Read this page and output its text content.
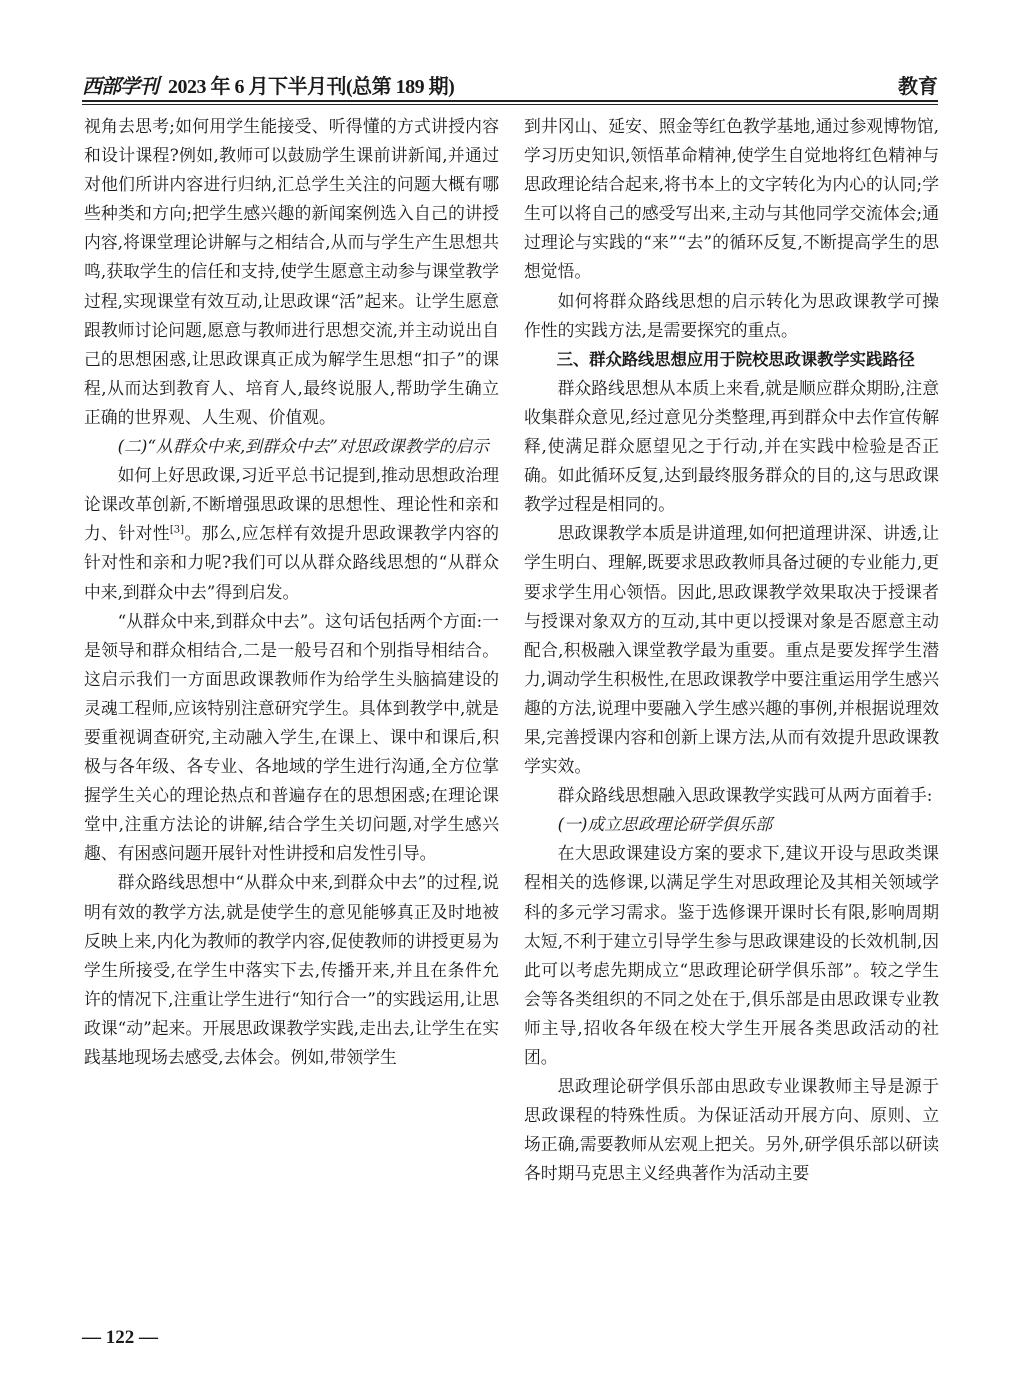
西部学刊 2023 年 6 月下半月刊(总第 189 期)	教育

视角去思考;如何用学生能接受、听得懂的方式讲授内容和设计课程?例如,教师可以鼓励学生课前讲新闻,并通过对他们所讲内容进行归纳,汇总学生关注的问题大概有哪些种类和方向;把学生感兴趣的新闻案例选入自己的讲授内容,将课堂理论讲解与之相结合,从而与学生产生思想共鸣,获取学生的信任和支持,使学生愿意主动参与课堂教学过程,实现课堂有效互动,让思政课“活”起来。让学生愿意跟教师讨论问题,愿意与教师进行思想交流,并主动说出自己的思想困惑,让思政课真正成为解学生思想“扣子”的课程,从而达到教育人、培育人,最终说服人,帮助学生确立正确的世界观、人生观、价值观。

(二)“从群众中来,到群众中去”对思政课教学的启示

如何上好思政课,习近平总书记提到,推动思想政治理论课改革创新,不断增强思政课的思想性、理论性和亲和力、针对性[3]。那么,应怎样有效提升思政课教学内容的针对性和亲和力呢?我们可以从群众路线思想的“从群众中来,到群众中去”得到启发。

“从群众中来,到群众中去”。这句话包括两个方面:一是领导和群众相结合,二是一般号召和个别指导相结合。这启示我们一方面思政课教师作为给学生头脑搞建设的灵魂工程师,应该特别注意研究学生。具体到教学中,就是要重视调查研究,主动融入学生,在课上、课中和课后,积极与各年级、各专业、各地域的学生进行沟通,全方位掌握学生关心的理论热点和普遍存在的思想困惑;在理论课堂中,注重方法论的讲解,结合学生关切问题,对学生感兴趣、有困惑问题开展针对性讲授和启发性引导。

群众路线思想中“从群众中来,到群众中去”的过程,说明有效的教学方法,就是使学生的意见能够真正及时地被反映上来,内化为教师的教学内容,促使教师的讲授更易为学生所接受,在学生中落实下去,传播开来,并且在条件允许的情况下,注重让学生进行“知行合一”的实践运用,让思政课“动”起来。开展思政课教学实践,走出去,让学生在实践基地现场去感受,去体会。例如,带领学生

到井冈山、延安、照金等红色教学基地,通过参观博物馆,学习历史知识,领悟革命精神,使学生自觉地将红色精神与思政理论结合起来,将书本上的文字转化为内心的认同;学生可以将自己的感受写出来,主动与其他同学交流体会;通过理论与实践的“来”“去”的循环反复,不断提高学生的思想觉悟。

如何将群众路线思想的启示转化为思政课教学可操作性的实践方法,是需要探究的重点。

三、群众路线思想应用于院校思政课教学实践路径

群众路线思想从本质上来看,就是顺应群众期盼,注意收集群众意见,经过意见分类整理,再到群众中去作宣传解释,使满足群众愿望见之于行动,并在实践中检验是否正确。如此循环反复,达到最终服务群众的目的,这与思政课教学过程是相同的。

思政课教学本质是讲道理,如何把道理讲深、讲透,让学生明白、理解,既要求思政教师具备过硬的专业能力,更要求学生用心领悟。因此,思政课教学效果取决于授课者与授课对象双方的互动,其中更以授课对象是否愿意主动配合,积极融入课堂教学最为重要。重点是要发挥学生潜力,调动学生积极性,在思政课教学中要注重运用学生感兴趣的方法,说理中要融入学生感兴趣的事例,并根据说理效果,完善授课内容和创新上课方法,从而有效提升思政课教学实效。

群众路线思想融入思政课教学实践可从两方面着手:

(一)成立思政理论研学俱乐部

在大思政课建设方案的要求下,建议开设与思政类课程相关的选修课,以满足学生对思政理论及其相关领域学科的多元学习需求。鉴于选修课开课时长有限,影响周期太短,不利于建立引导学生参与思政课建设的长效机制,因此可以考虑先期成立“思政理论研学俱乐部”。较之学生会等各类组织的不同之处在于,俱乐部是由思政课专业教师主导,招收各年级在校大学生开展各类思政活动的社团。

思政理论研学俱乐部由思政专业课教师主导是源于思政课程的特殊性质。为保证活动开展方向、原则、立场正确,需要教师从宏观上把关。另外,研学俱乐部以研读各时期马克思主义经典著作为活动主要

— 122 —
